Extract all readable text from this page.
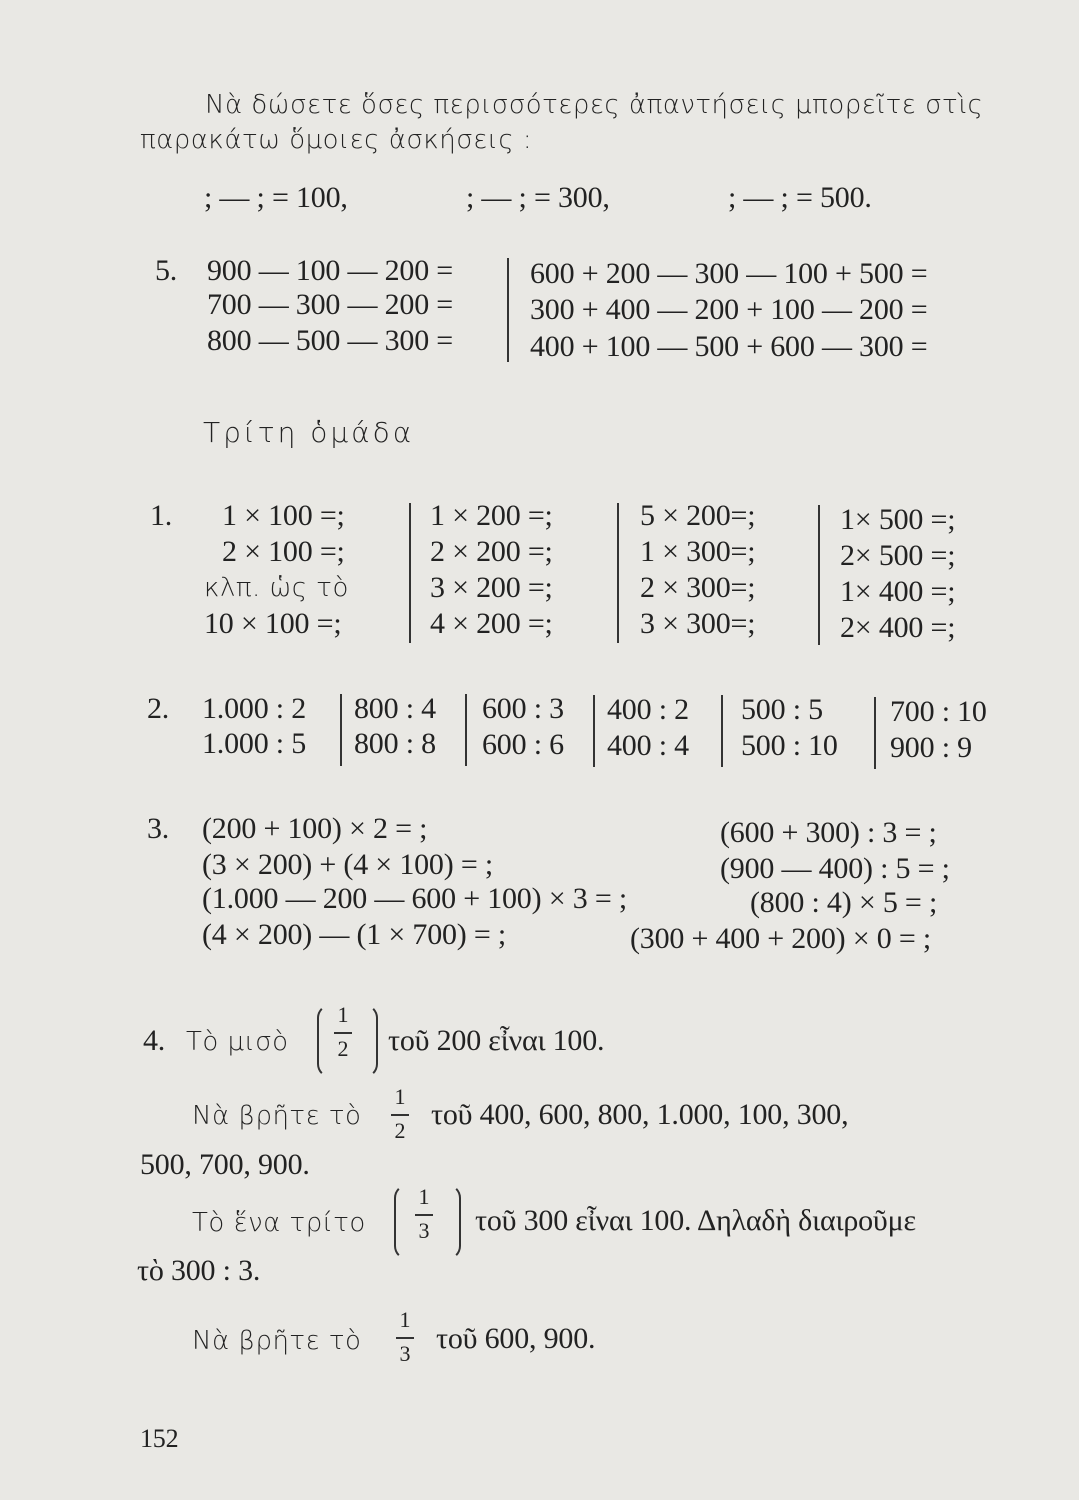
Νὰ δώσετε ὅσες περισσότερες ἀπαντήσεις μπορεῖτε στὶς
παρακάτω ὅμοιες ἀσκήσεις :
; — ; = 100,	; — ; = 300,	; — ; = 500.
5. 900 — 100 — 200 =
700 — 300 — 200 =
800 — 500 — 300 =
600 + 200 — 300 — 100 + 500 =
300 + 400 — 200 + 100 — 200 =
400 + 100 — 500 + 600 — 300 =
Τρίτη ὁμάδα
1. 1 × 100 =;
2 × 100 =;
κλπ. ὡς τὸ
10 × 100 =;
1 × 200 =;
2 × 200 =;
3 × 200 =;
4 × 200 =;
5 × 200=;
1 × 300=;
2 × 300=;
3 × 300=;
1× 500 =;
2× 500 =;
1× 400 =;
2× 400 =;
2. 1.000 : 2
1.000 : 5
800 : 4
800 : 8
600 : 3
600 : 6
400 : 2
400 : 4
500 : 5
500 : 10
700 : 10
900 : 9
3. (200 + 100) × 2 = ;
(3 × 200) + (4 × 100) = ;
(1.000 — 200 — 600 + 100) × 3 = ;
(4 × 200) — (1 × 700) = ;
(600 + 300) : 3 = ;
(900 — 400) : 5 = ;
(800 : 4) × 5 = ;
(300 + 400 + 200) × 0 = ;
4. Τὸ μισὸ
1
2 τοῦ 200 εἶναι 100.
Νὰ βρῆτε τὸ
1
2 τοῦ 400, 600, 800, 1.000, 100, 300,
500, 700, 900.
Τὸ ἕνα τρίτο
1
3 τοῦ 300 εἶναι 100. Δηλαδὴ διαιροῦμε
τὸ 300 : 3.
Νὰ βρῆτε τὸ
1
3 τοῦ 600, 900.
152
